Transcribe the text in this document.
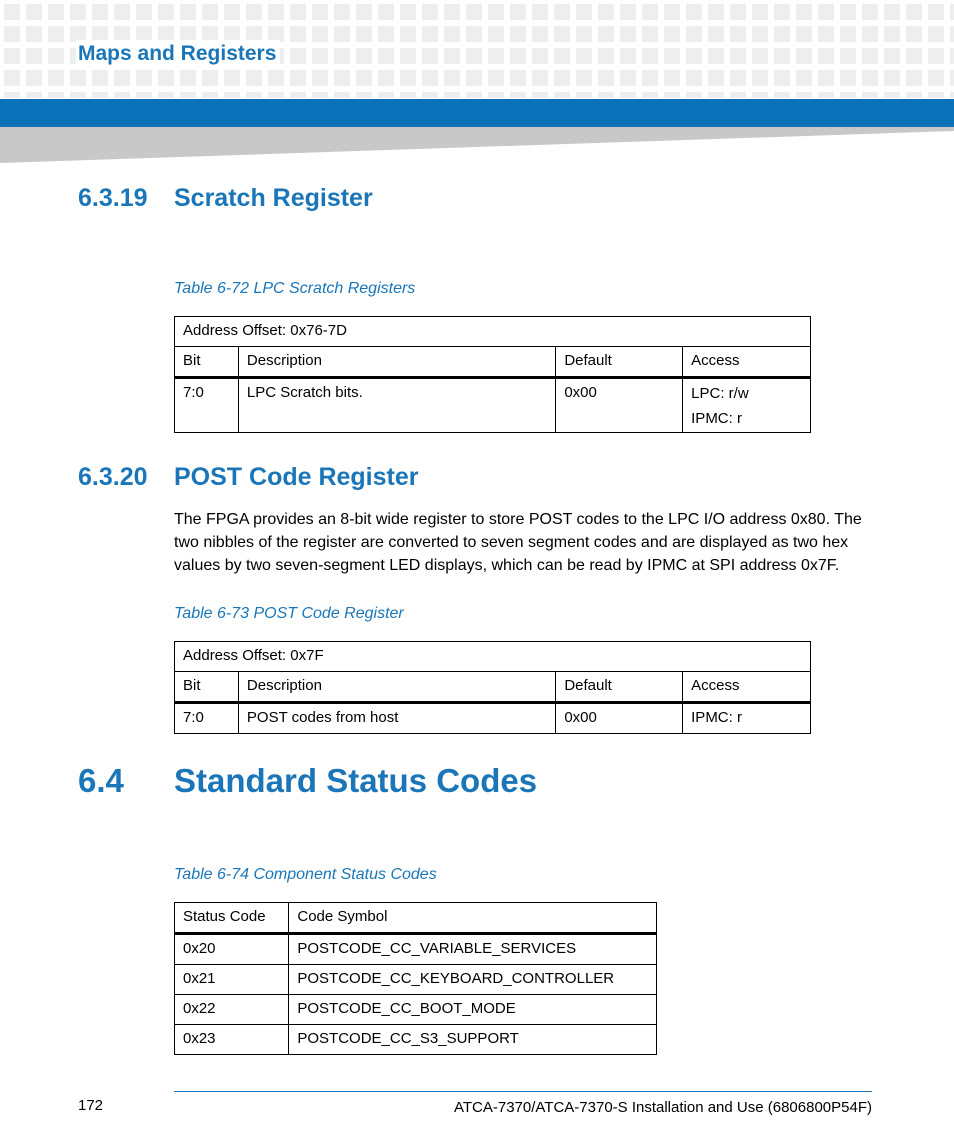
Maps and Registers
6.3.19 Scratch Register
Table 6-72 LPC Scratch Registers
Address Offset: 0x76-7D			
Bit	Description	Default	Access
7:0	LPC Scratch bits.	0x00	LPC: r/w
IPMC: r
6.3.20 POST Code Register

The FPGA provides an 8-bit wide register to store POST codes to the LPC I/O address 0x80. The two nibbles of the register are converted to seven segment codes and are displayed as two hex values by two seven-segment LED displays, which can be read by IPMC at SPI address 0x7F.

Table 6-73 POST Code Register
Address Offset: 0x7F			
Bit	Description	Default	Access
7:0	POST codes from host	0x00	IPMC: r
6.4 Standard Status Codes
Table 6-74 Component Status Codes
Status Code	Code Symbol
0x20	POSTCODE_CC_VARIABLE_SERVICES
0x21	POSTCODE_CC_KEYBOARD_CONTROLLER
0x22	POSTCODE_CC_BOOT_MODE
0x23	POSTCODE_CC_S3_SUPPORT
172	ATCA-7370/ATCA-7370-S Installation and Use (6806800P54F)
